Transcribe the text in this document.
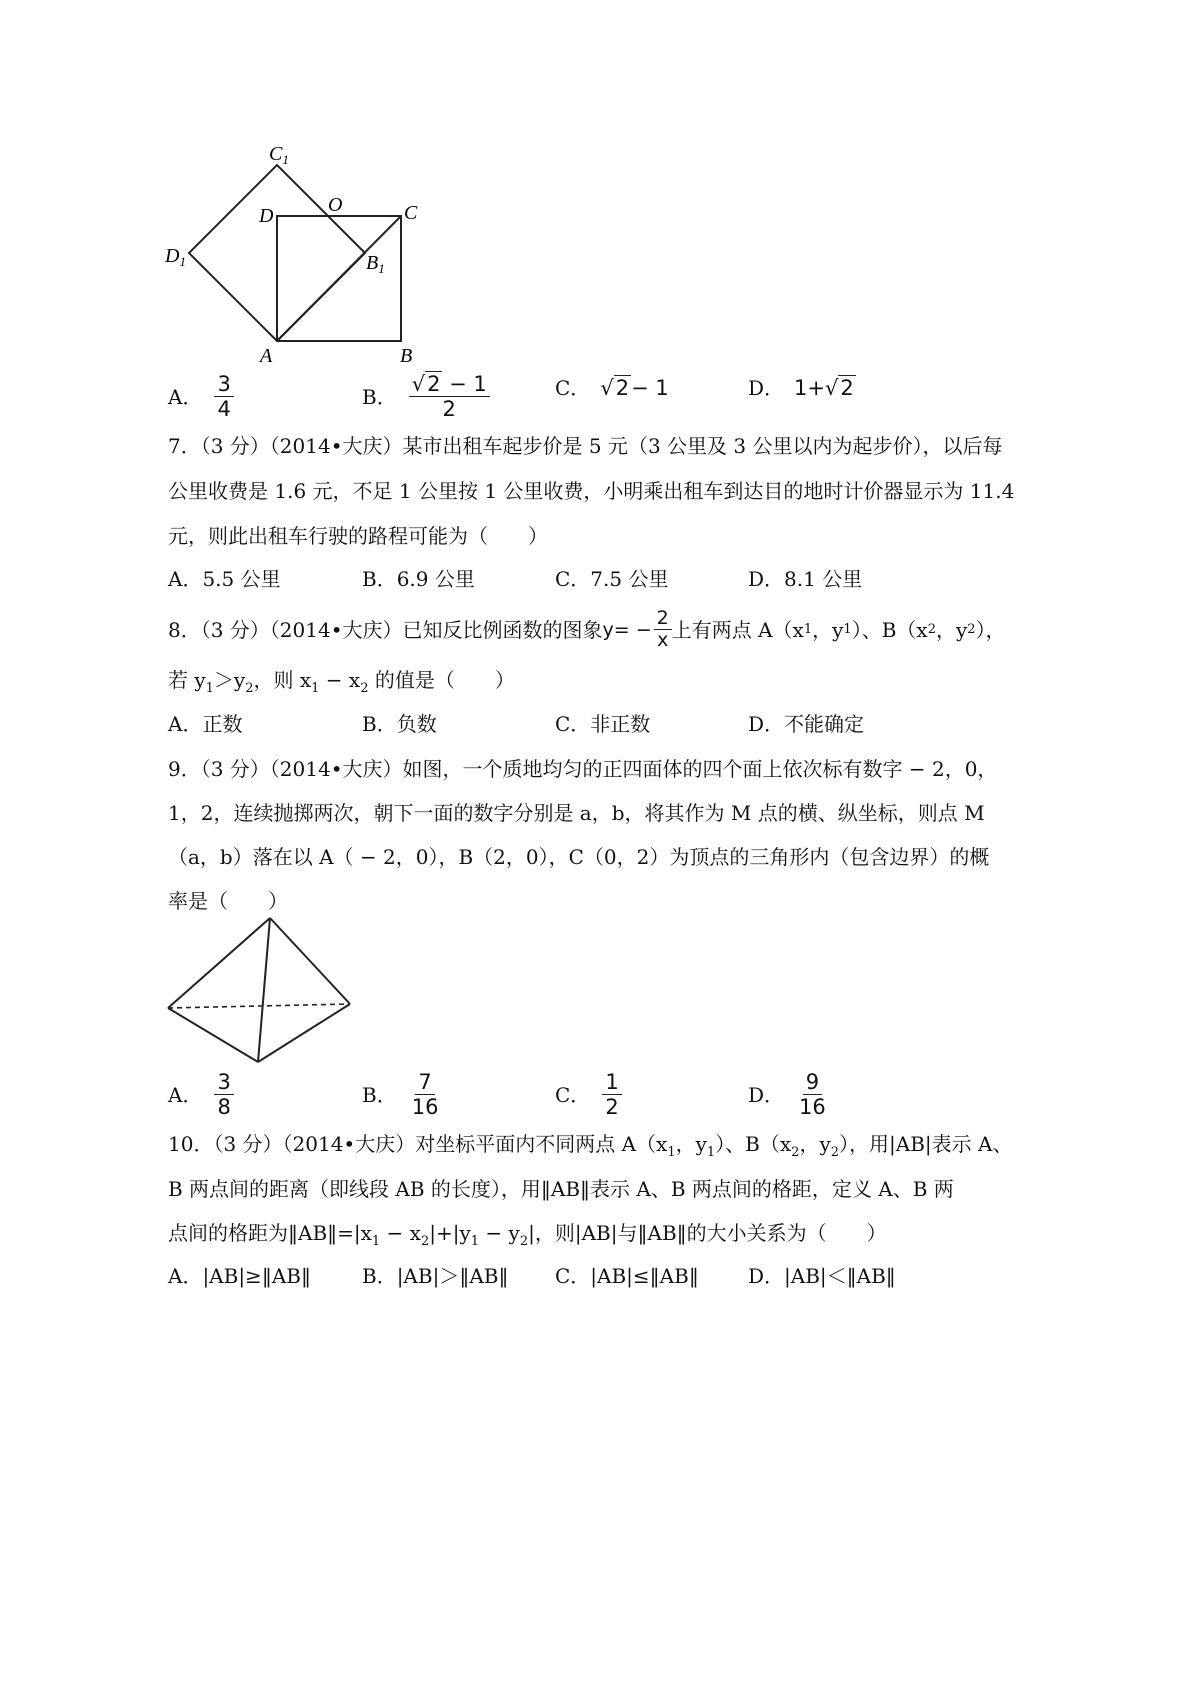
$C_1$
O
D	C
$D_1$	$B_1$
A	B
A． $\frac{3}{4}$	B． $\frac{√2 - 1}{2}$	C． √2 − 1	D． 1+ √2
7．（3 分）（2014•大庆）某市出租车起步价是 5 元（3 公里及 3 公里以内为起步价），以后每
公里收费是 1.6 元，不足 1 公里按 1 公里收费，小明乘出租车到达目的地时计价器显示为 11.4
元，则此出租车行驶的路程可能为（　　）
A．5.5 公里	B．6.9 公里	C．7.5 公里	D．8.1 公里
8．（3 分）（2014•大庆）已知反比例函数的图象 $y= - \frac{2}{x}$ 上有两点 A（x 1 ，y 1 ）、B（x 2 ，y 2 ），
若 $y_1>y_2$，则 $x_1 - x_2$ 的值是（　　）
A．正数	B．负数	C．非正数	D．不能确定
9．（3 分）（2014•大庆）如图，一个质地均匀的正四面体的四个面上依次标有数字 − 2，0，
1，2，连续抛掷两次，朝下一面的数字分别是 a，b，将其作为 M 点的横、纵坐标，则点 M
（a，b）落在以 A（ − 2，0），B（2，0），C（0，2）为顶点的三角形内（包含边界）的概
率是（　　）
A． $\frac{3}{8}$	B． $\frac{7}{16}$	C． $\frac{1}{2}$	D． $\frac{9}{16}$
10．（3 分）（2014•大庆）对坐标平面内不同两点 $A(x_1$，$y_1$）、$B(x_2$，$y_2$），用|AB|表示 A、
B 两点间的距离（即线段 AB 的长度），用‖AB‖表示 A、B 两点间的格距，定义 A、B 两
点间的格距为$‖AB‖=|x_1 - x_2|+|y_1 - y_2|$，则|AB|与‖AB‖的大小关系为（　　）
A．|AB|≥‖AB‖	B．|AB|＞‖AB‖ C．|AB|≤‖AB‖ D．|AB|＜‖AB‖
